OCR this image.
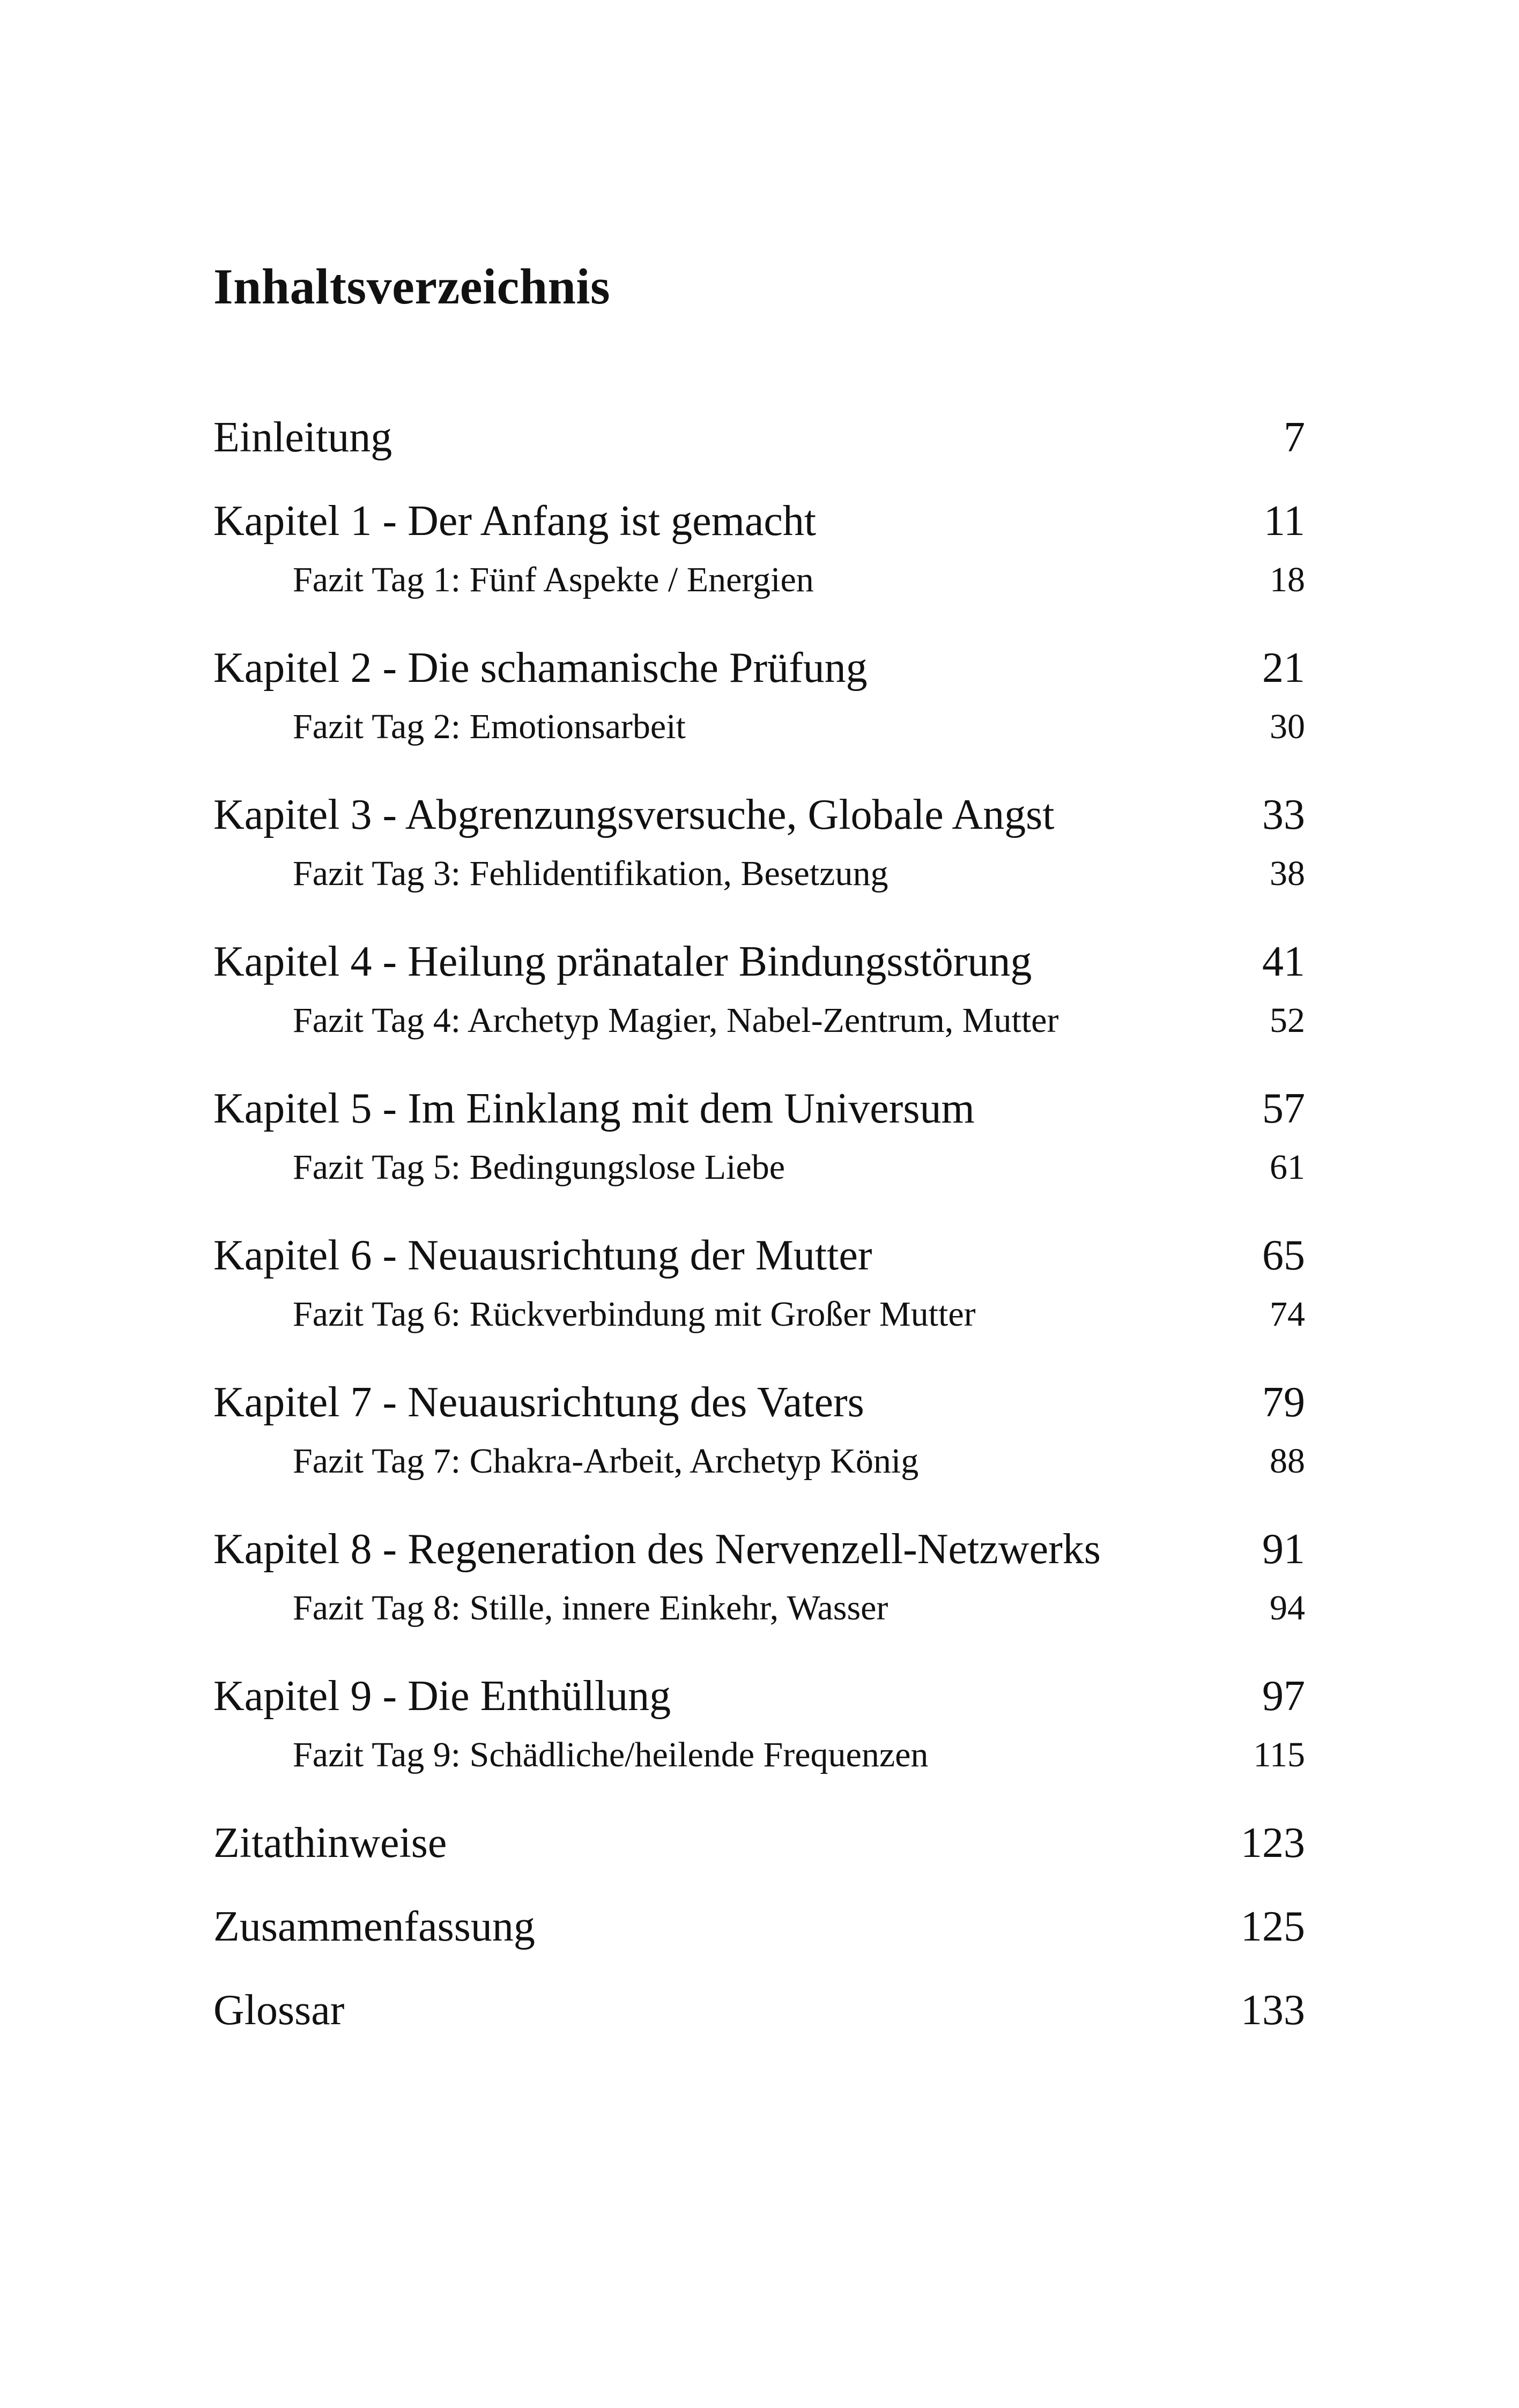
Inhaltsverzeichnis
Einleitung	7
Kapitel 1 - Der Anfang ist gemacht	11
Fazit Tag 1: Fünf Aspekte / Energien	18
Kapitel 2 - Die schamanische Prüfung	21
Fazit Tag 2: Emotionsarbeit	30
Kapitel 3 - Abgrenzungsversuche, Globale Angst	33
Fazit Tag 3: Fehlidentifikation, Besetzung	38
Kapitel 4 - Heilung pränataler Bindungsstörung	41
Fazit Tag 4: Archetyp Magier, Nabel-Zentrum, Mutter	52
Kapitel 5 - Im Einklang mit dem Universum	57
Fazit Tag 5: Bedingungslose Liebe	61
Kapitel 6 - Neuausrichtung der Mutter	65
Fazit Tag 6: Rückverbindung mit Großer Mutter	74
Kapitel 7 - Neuausrichtung des Vaters	79
Fazit Tag 7: Chakra-Arbeit, Archetyp König	88
Kapitel 8 - Regeneration des Nervenzell-Netzwerks	91
Fazit Tag 8: Stille, innere Einkehr, Wasser	94
Kapitel 9 - Die Enthüllung	97
Fazit Tag 9: Schädliche/heilende Frequenzen	115
Zitathinweise	123
Zusammenfassung	125
Glossar	133
